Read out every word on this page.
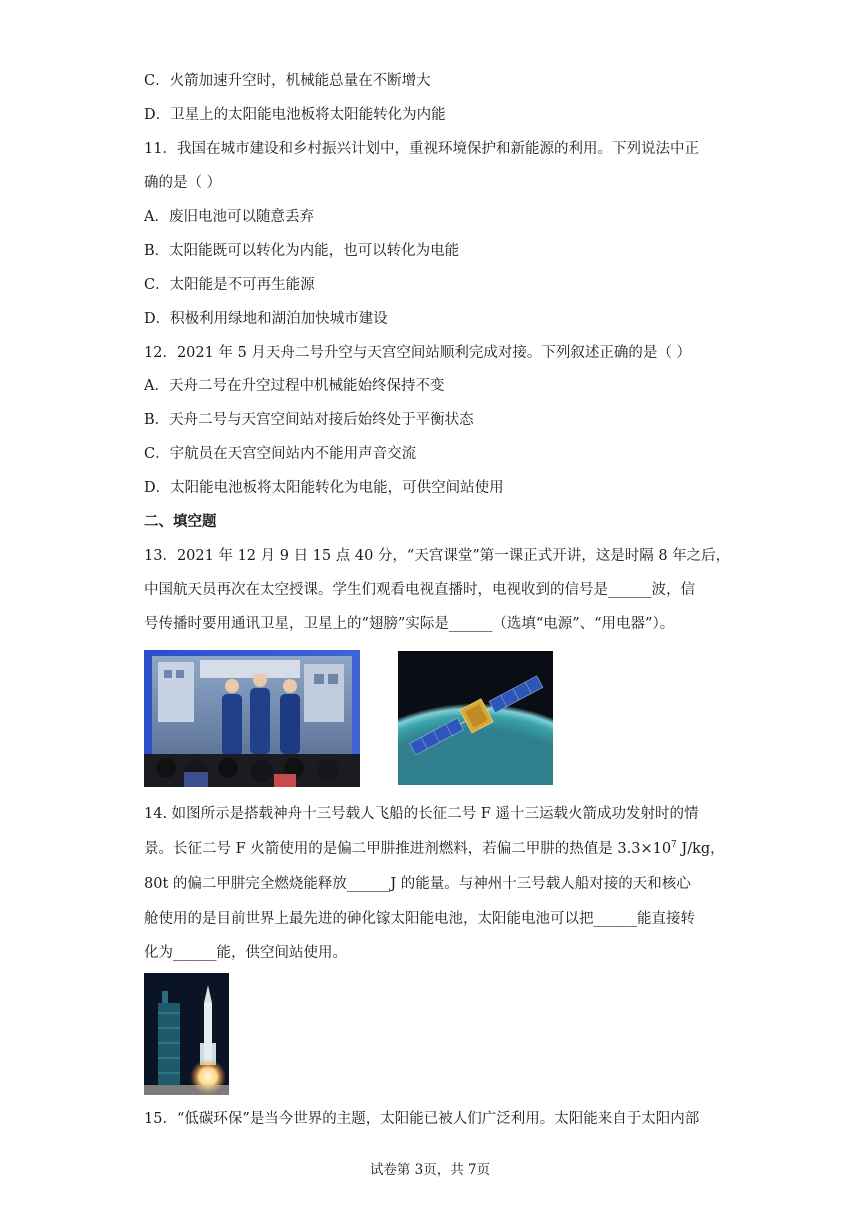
C．火箭加速升空时，机械能总量在不断增大
D．卫星上的太阳能电池板将太阳能转化为内能
11．我国在城市建设和乡村振兴计划中，重视环境保护和新能源的利用。下列说法中正
确的是（ ）
A．废旧电池可以随意丢弃
B．太阳能既可以转化为内能，也可以转化为电能
C．太阳能是不可再生能源
D．积极利用绿地和湖泊加快城市建设
12．2021 年 5 月天舟二号升空与天宫空间站顺利完成对接。下列叙述正确的是（ ）
A．天舟二号在升空过程中机械能始终保持不变
B．天舟二号与天宫空间站对接后始终处于平衡状态
C．宇航员在天宫空间站内不能用声音交流
D．太阳能电池板将太阳能转化为电能，可供空间站使用
二、填空题
13．2021 年 12 月 9 日 15 点 40 分，“天宫课堂”第一课正式开讲，这是时隔 8 年之后，
中国航天员再次在太空授课。学生们观看电视直播时，电视收到的信号是______波，信
号传播时要用通讯卫星，卫星上的“翅膀”实际是______（选填“电源”、“用电器”）。
14. 如图所示是搭载神舟十三号载人飞船的长征二号 F 遥十三运载火箭成功发射时的情
景。长征二号 F 火箭使用的是偏二甲肼推进剂燃料，若偏二甲肼的热值是 $3.3\times 10^7$ J/kg，
80t 的偏二甲肼完全燃烧能释放______J 的能量。与神州十三号载人船对接的天和核心
舱使用的是目前世界上最先进的砷化镓太阳能电池，太阳能电池可以把______能直接转
化为______能，供空间站使用。
15．“低碳环保”是当今世界的主题，太阳能已被人们广泛利用。太阳能来自于太阳内部
试卷第 3页，共 7页
